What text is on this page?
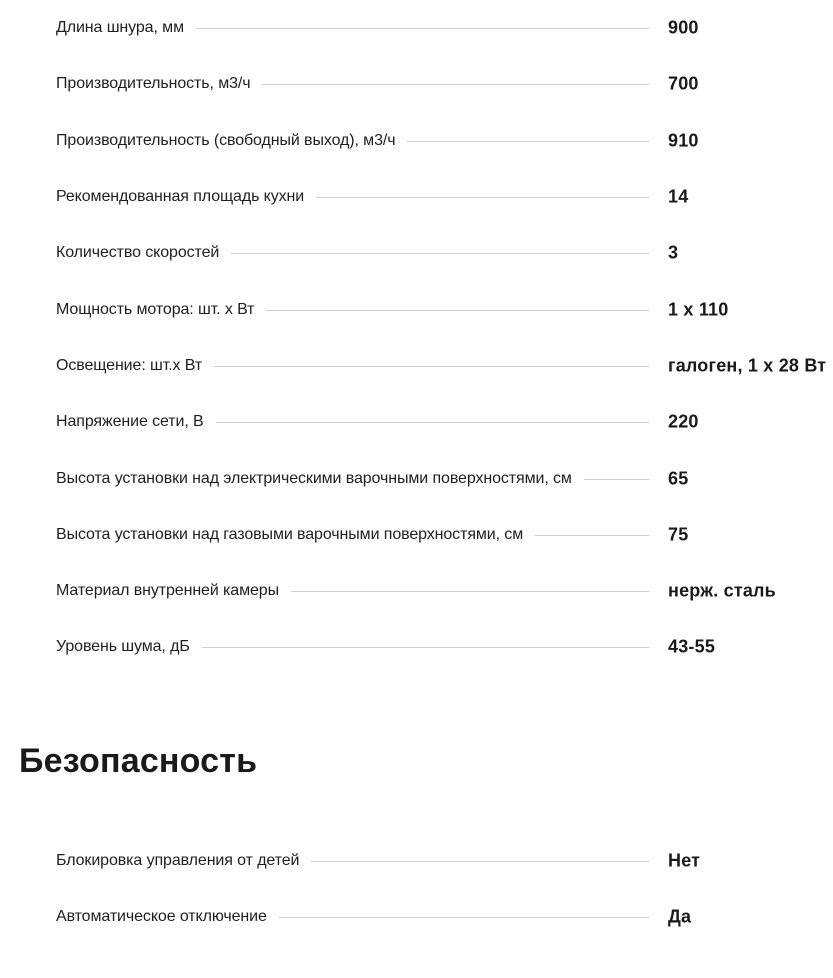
Длина шнура, мм	900
Производительность, м3/ч	700
Производительность (свободный выход), м3/ч	910
Рекомендованная площадь кухни	14
Количество скоростей	3
Мощность мотора: шт. x Вт	1 x 110
Освещение: шт.x Вт	галоген, 1 x 28 Вт
Напряжение сети, В	220
Высота установки над электрическими варочными поверхностями, см	65
Высота установки над газовыми варочными поверхностями, см	75
Материал внутренней камеры	нерж. сталь
Уровень шума, дБ	43-55
Безопасность
Блокировка управления от детей	Нет
Автоматическое отключение	Да
